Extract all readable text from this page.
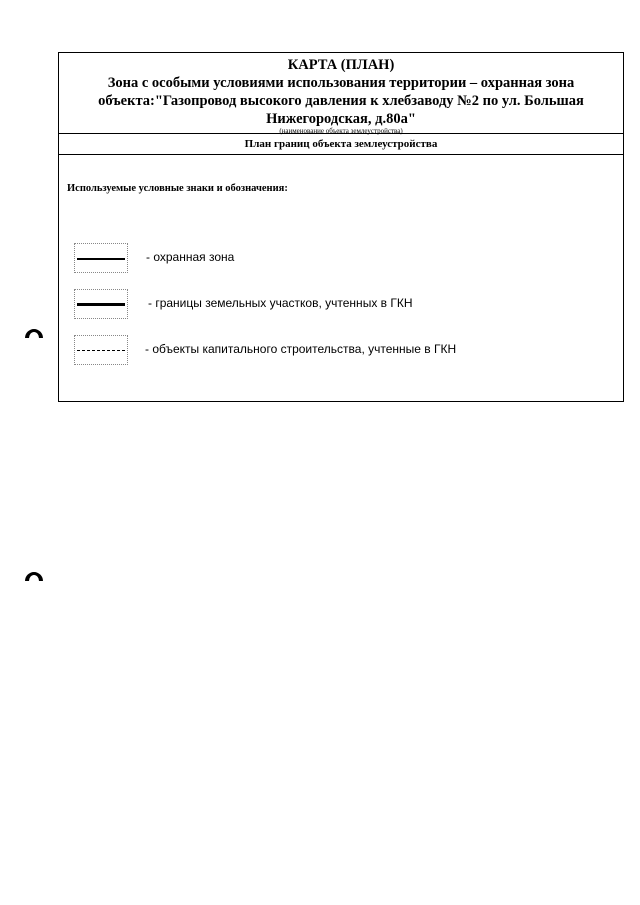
КАРТА (ПЛАН)

Зона с особыми условиями использования территории – охранная зона

объекта:"Газопровод высокого давления к хлебзаводу №2 по ул. Большая

Нижегородская, д.80а"

(наименование объекта землеустройства)
План границ объекта землеустройства
Используемые условные знаки и обозначения:
- охранная зона
- границы земельных участков, учтенных в ГКН
- объекты капитального строительства, учтенные в ГКН
